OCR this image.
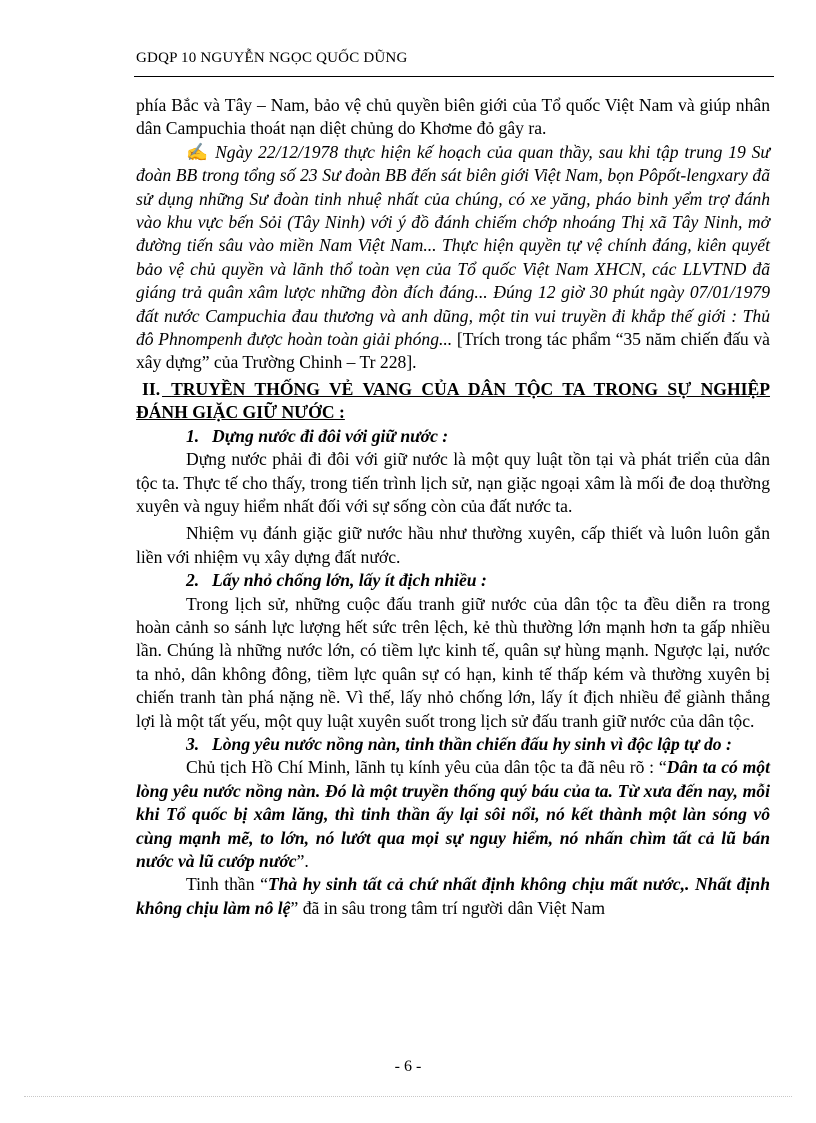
GDQP 10 NGUYỄN NGỌC QUỐC DŨNG

phía Bắc và Tây – Nam, bảo vệ chủ quyền biên giới của Tổ quốc Việt Nam và giúp nhân dân Campuchia thoát nạn diệt chủng do Khơme đỏ gây ra.

✍ Ngày 22/12/1978 thực hiện kế hoạch của quan thầy, sau khi tập trung 19 Sư đoàn BB trong tổng số 23 Sư đoàn BB đến sát biên giới Việt Nam, bọn Pôpốt-lengxary đã sử dụng những Sư đoàn tinh nhuệ nhất của chúng, có xe yăng, pháo binh yểm trợ đánh vào khu vực bến Sỏi (Tây Ninh) với ý đồ đánh chiếm chớp nhoáng Thị xã Tây Ninh, mở đường tiến sâu vào miền Nam Việt Nam... Thực hiện quyền tự vệ chính đáng, kiên quyết bảo vệ chủ quyền và lãnh thổ toàn vẹn của Tổ quốc Việt Nam XHCN, các LLVTND đã giáng trả quân xâm lược những đòn đích đáng... Đúng 12 giờ 30 phút ngày 07/01/1979 đất nước Campuchia đau thương và anh dũng, một tin vui truyền đi khắp thế giới : Thủ đô Phnompenh được hoàn toàn giải phóng... [Trích trong tác phẩm “35 năm chiến đấu và xây dựng” của Trường Chinh – Tr 228].

II. TRUYỀN THỐNG VẺ VANG CỦA DÂN TỘC TA TRONG SỰ NGHIỆP ĐÁNH GIẶC GIỮ NƯỚC :

1. Dựng nước đi đôi với giữ nước :

Dựng nước phải đi đôi với giữ nước là một quy luật tồn tại và phát triển của dân tộc ta. Thực tế cho thấy, trong tiến trình lịch sử, nạn giặc ngoại xâm là mối đe doạ thường xuyên và nguy hiểm nhất đối với sự sống còn của đất nước ta.

Nhiệm vụ đánh giặc giữ nước hầu như thường xuyên, cấp thiết và luôn luôn gắn liền với nhiệm vụ xây dựng đất nước.

2. Lấy nhỏ chống lớn, lấy ít địch nhiều :

Trong lịch sử, những cuộc đấu tranh giữ nước của dân tộc ta đều diễn ra trong hoàn cảnh so sánh lực lượng hết sức trên lệch, kẻ thù thường lớn mạnh hơn ta gấp nhiều lần. Chúng là những nước lớn, có tiềm lực kinh tế, quân sự hùng mạnh. Ngược lại, nước ta nhỏ, dân không đông, tiềm lực quân sự có hạn, kinh tế thấp kém và thường xuyên bị chiến tranh tàn phá nặng nề. Vì thế, lấy nhỏ chống lớn, lấy ít địch nhiều để giành thắng lợi là một tất yếu, một quy luật xuyên suốt trong lịch sử đấu tranh giữ nước của dân tộc.

3. Lòng yêu nước nồng nàn, tinh thần chiến đấu hy sinh vì độc lập tự do :

Chủ tịch Hồ Chí Minh, lãnh tụ kính yêu của dân tộc ta đã nêu rõ : “Dân ta có một lòng yêu nước nồng nàn. Đó là một truyền thống quý báu của ta. Từ xưa đến nay, mỗi khi Tổ quốc bị xâm lăng, thì tinh thần ấy lại sôi nổi, nó kết thành một làn sóng vô cùng mạnh mẽ, to lớn, nó lướt qua mọi sự nguy hiểm, nó nhấn chìm tất cả lũ bán nước và lũ cướp nước”.

Tinh thần “Thà hy sinh tất cả chứ nhất định không chịu mất nước,. Nhất định không chịu làm nô lệ” đã in sâu trong tâm trí người dân Việt Nam

- 6 -
